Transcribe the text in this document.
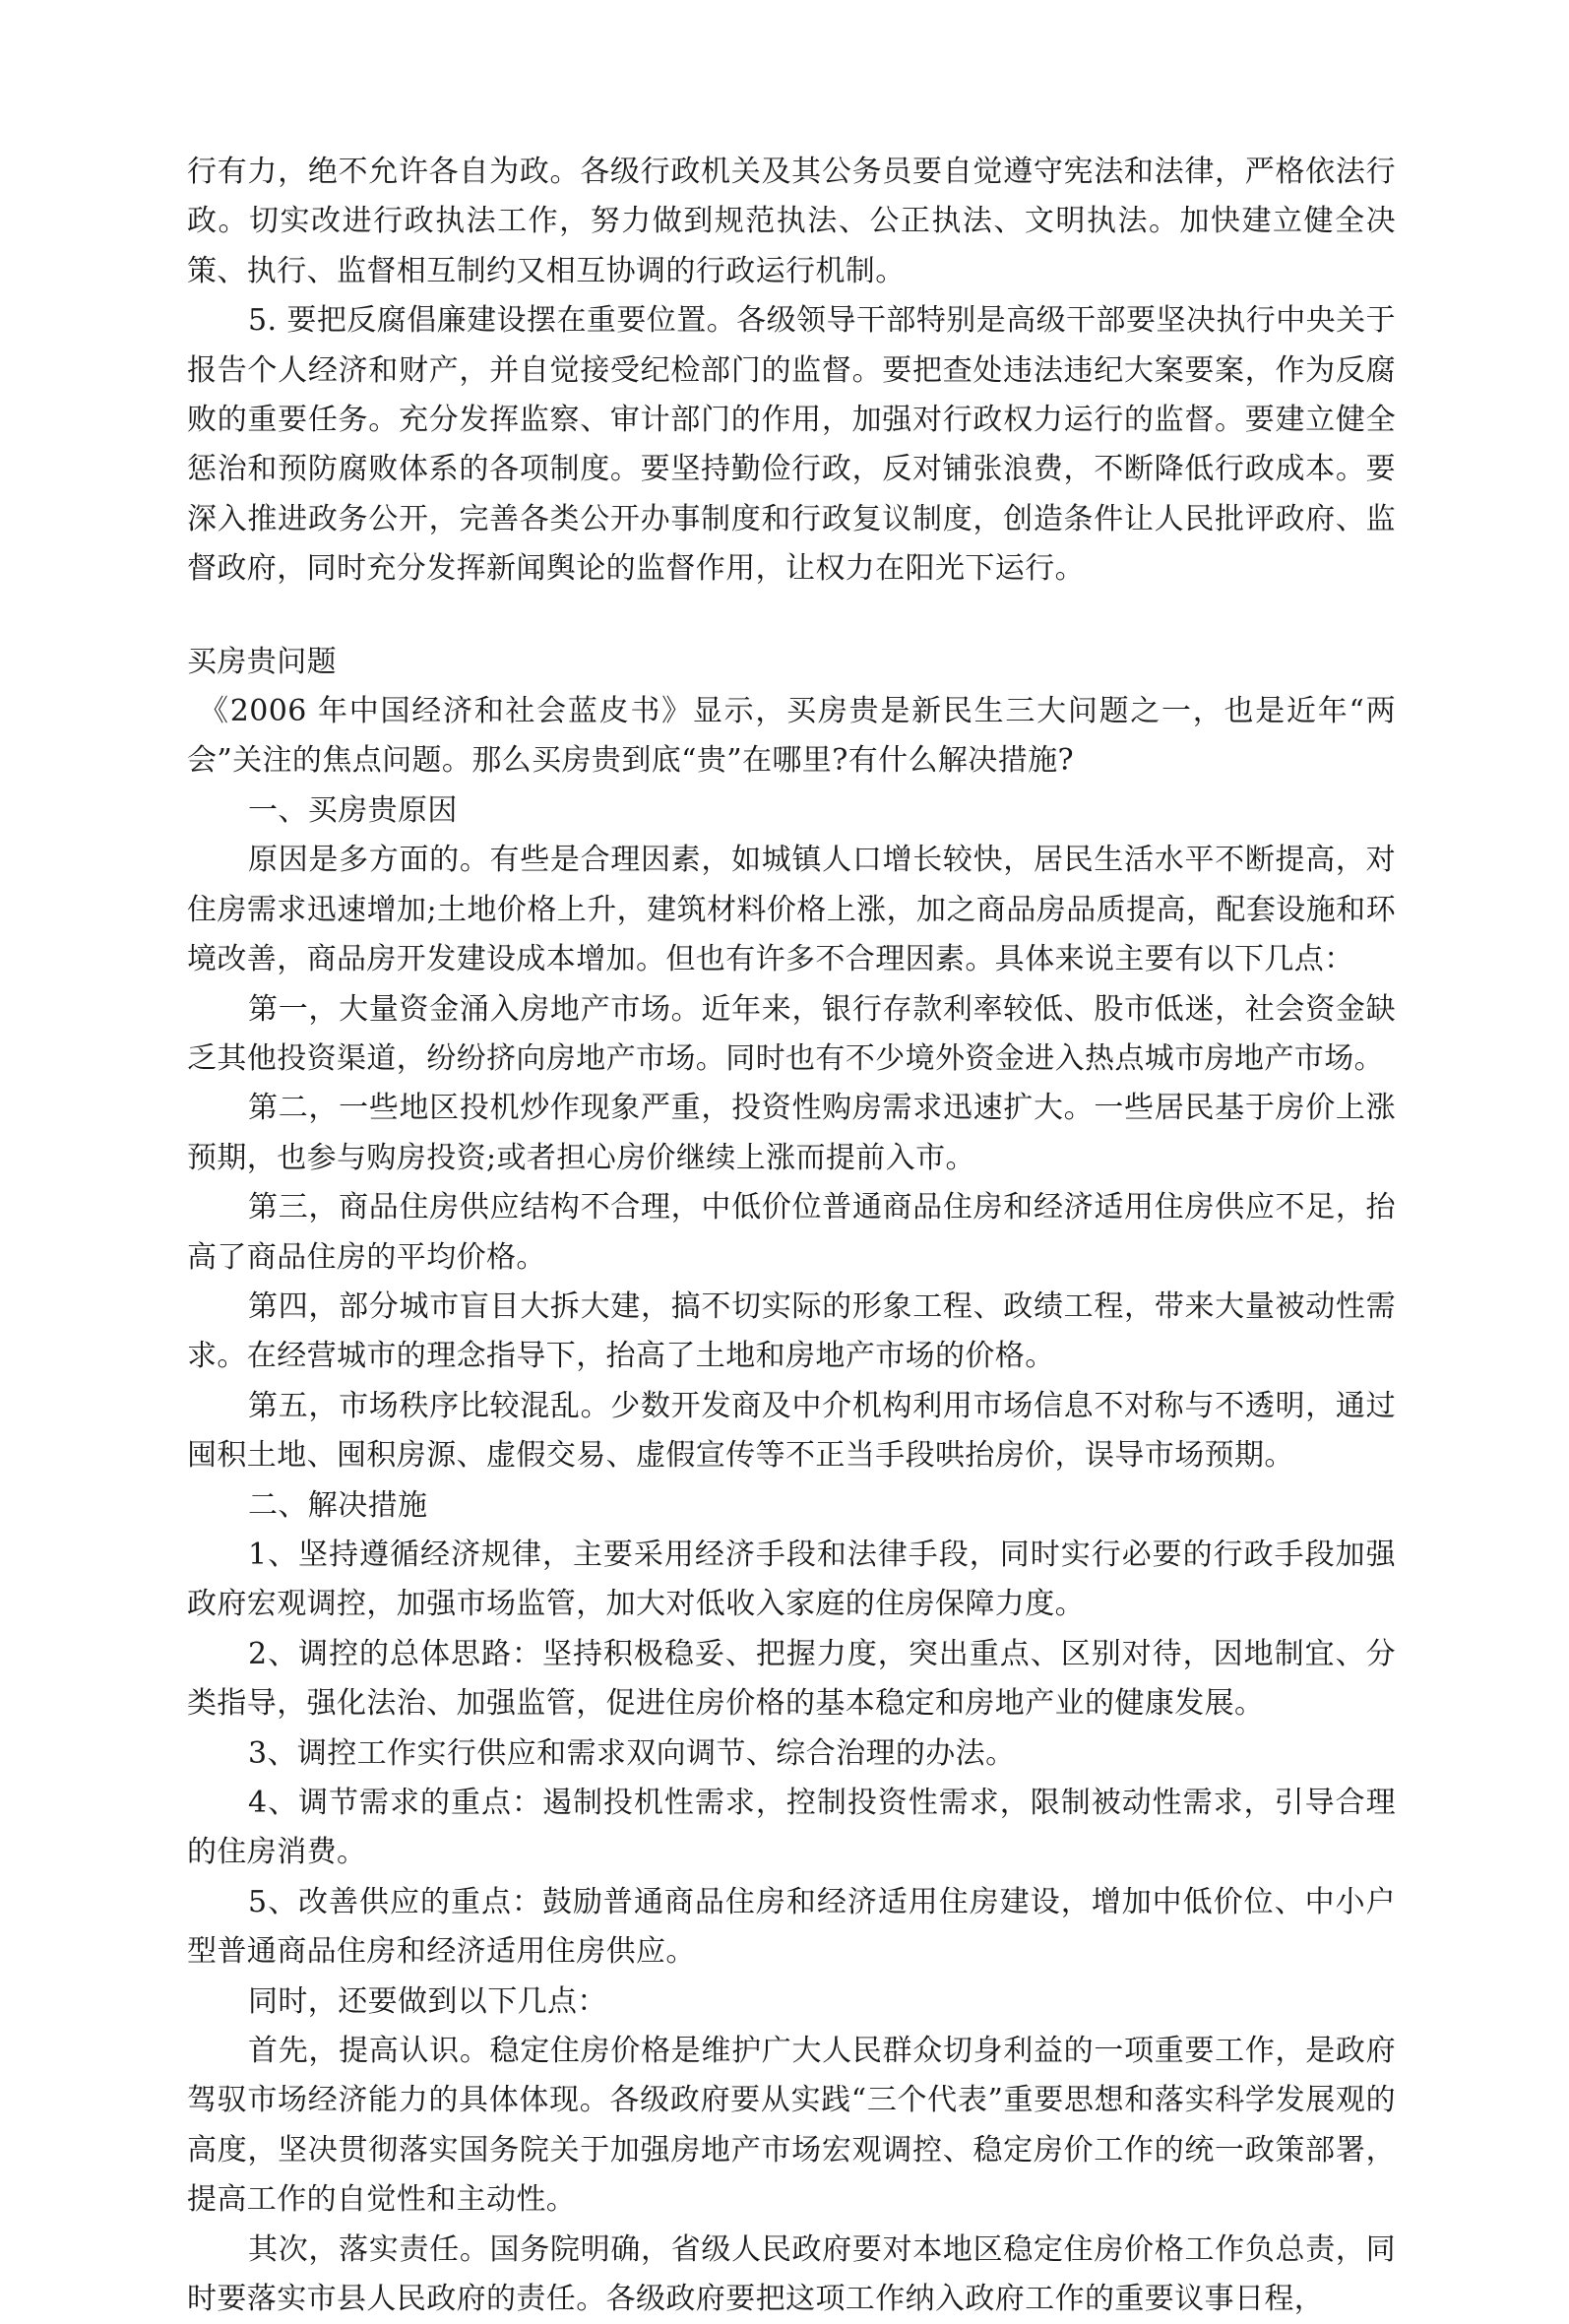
行有力，绝不允许各自为政。各级行政机关及其公务员要自觉遵守宪法和法律，严格依法行政。切实改进行政执法工作，努力做到规范执法、公正执法、文明执法。加快建立健全决策、执行、监督相互制约又相互协调的行政运行机制。

5. 要把反腐倡廉建设摆在重要位置。各级领导干部特别是高级干部要坚决执行中央关于报告个人经济和财产，并自觉接受纪检部门的监督。要把查处违法违纪大案要案，作为反腐败的重要任务。充分发挥监察、审计部门的作用，加强对行政权力运行的监督。要建立健全惩治和预防腐败体系的各项制度。要坚持勤俭行政，反对铺张浪费，不断降低行政成本。要深入推进政务公开，完善各类公开办事制度和行政复议制度，创造条件让人民批评政府、监督政府，同时充分发挥新闻舆论的监督作用，让权力在阳光下运行。

买房贵问题

《2006 年中国经济和社会蓝皮书》显示，买房贵是新民生三大问题之一，也是近年“两会”关注的焦点问题。那么买房贵到底“贵”在哪里?有什么解决措施?

一、买房贵原因

原因是多方面的。有些是合理因素，如城镇人口增长较快，居民生活水平不断提高，对住房需求迅速增加;土地价格上升，建筑材料价格上涨，加之商品房品质提高，配套设施和环境改善，商品房开发建设成本增加。但也有许多不合理因素。具体来说主要有以下几点：

第一，大量资金涌入房地产市场。近年来，银行存款利率较低、股市低迷，社会资金缺乏其他投资渠道，纷纷挤向房地产市场。同时也有不少境外资金进入热点城市房地产市场。

第二，一些地区投机炒作现象严重，投资性购房需求迅速扩大。一些居民基于房价上涨预期，也参与购房投资;或者担心房价继续上涨而提前入市。

第三，商品住房供应结构不合理，中低价位普通商品住房和经济适用住房供应不足，抬高了商品住房的平均价格。

第四，部分城市盲目大拆大建，搞不切实际的形象工程、政绩工程，带来大量被动性需求。在经营城市的理念指导下，抬高了土地和房地产市场的价格。

第五，市场秩序比较混乱。少数开发商及中介机构利用市场信息不对称与不透明，通过囤积土地、囤积房源、虚假交易、虚假宣传等不正当手段哄抬房价，误导市场预期。

二、解决措施

1、坚持遵循经济规律，主要采用经济手段和法律手段，同时实行必要的行政手段加强政府宏观调控，加强市场监管，加大对低收入家庭的住房保障力度。

2、调控的总体思路：坚持积极稳妥、把握力度，突出重点、区别对待，因地制宜、分类指导，强化法治、加强监管，促进住房价格的基本稳定和房地产业的健康发展。

3、调控工作实行供应和需求双向调节、综合治理的办法。

4、调节需求的重点：遏制投机性需求，控制投资性需求，限制被动性需求，引导合理的住房消费。

5、改善供应的重点：鼓励普通商品住房和经济适用住房建设，增加中低价位、中小户型普通商品住房和经济适用住房供应。

同时，还要做到以下几点：

首先，提高认识。稳定住房价格是维护广大人民群众切身利益的一项重要工作，是政府驾驭市场经济能力的具体体现。各级政府要从实践“三个代表”重要思想和落实科学发展观的高度，坚决贯彻落实国务院关于加强房地产市场宏观调控、稳定房价工作的统一政策部署，提高工作的自觉性和主动性。

其次，落实责任。国务院明确，省级人民政府要对本地区稳定住房价格工作负总责，同时要落实市县人民政府的责任。各级政府要把这项工作纳入政府工作的重要议事日程，
